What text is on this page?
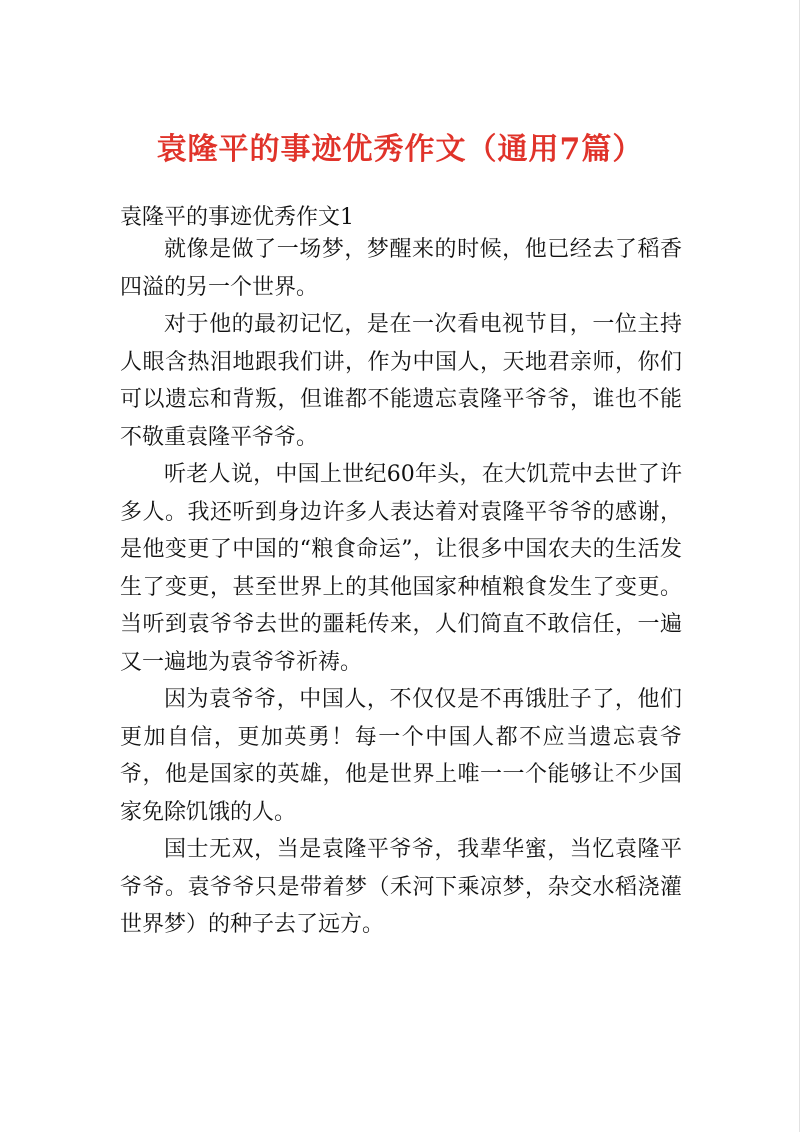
袁隆平的事迹优秀作文（通用7篇）
袁隆平的事迹优秀作文1

就像是做了一场梦，梦醒来的时候，他已经去了稻香四溢的另一个世界。

对于他的最初记忆，是在一次看电视节目，一位主持人眼含热泪地跟我们讲，作为中国人，天地君亲师，你们可以遗忘和背叛，但谁都不能遗忘袁隆平爷爷，谁也不能不敬重袁隆平爷爷。

听老人说，中国上世纪60年头，在大饥荒中去世了许多人。我还听到身边许多人表达着对袁隆平爷爷的感谢，是他变更了中国的“粮食命运”，让很多中国农夫的生活发生了变更，甚至世界上的其他国家种植粮食发生了变更。当听到袁爷爷去世的噩耗传来，人们简直不敢信任，一遍又一遍地为袁爷爷祈祷。

因为袁爷爷，中国人，不仅仅是不再饿肚子了，他们更加自信，更加英勇！每一个中国人都不应当遗忘袁爷爷，他是国家的英雄，他是世界上唯一一个能够让不少国家免除饥饿的人。

国士无双，当是袁隆平爷爷，我辈华蜜，当忆袁隆平爷爷。袁爷爷只是带着梦（禾河下乘凉梦，杂交水稻浇灌世界梦）的种子去了远方。
